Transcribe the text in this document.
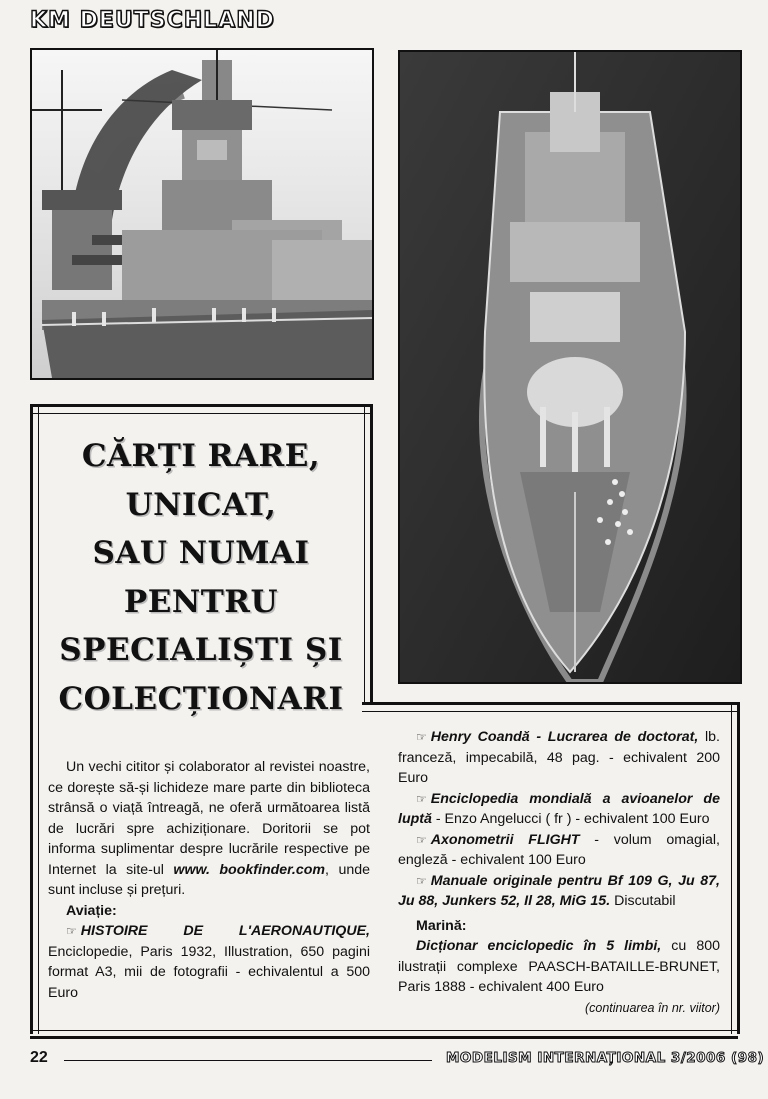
KM DEUTSCHLAND
CĂRȚI RARE,
UNICAT,
SAU NUMAI
PENTRU
SPECIALIȘTI ȘI
COLECȚIONARI

Un vechi cititor și colaborator al revistei noastre, ce dorește să-și lichideze mare parte din biblioteca strânsă o viață întreagă, ne oferă următoarea listă de lucrări spre achiziționare. Doritorii se pot informa suplimentar despre lucrările respective pe Internet la site-ul www. bookfinder.com, unde sunt incluse și prețuri.

Aviație:

☞ HISTOIRE DE L'AERONAUTIQUE, Enciclopedie, Paris 1932, Illustration, 650 pagini format A3, mii de fotografii - echivalentul a 500 Euro

☞ Henry Coandă - Lucrarea de doctorat, lb. franceză, impecabilă, 48 pag. - echivalent 200 Euro

☞ Enciclopedia mondială a avioanelor de luptă - Enzo Angelucci ( fr ) - echivalent 100 Euro

☞ Axonometrii FLIGHT - volum omagial, engleză - echivalent 100 Euro

☞ Manuale originale pentru Bf 109 G, Ju 87, Ju 88, Junkers 52, Il 28, MiG 15. Discutabil

Marină:

Dicționar enciclopedic în 5 limbi, cu 800 ilustrații complexe PAASCH-BATAILLE-BRUNET, Paris 1888 - echivalent 400 Euro

(continuarea în nr. viitor)

22	MODELISM INTERNAȚIONAL 3/2006 (98)
